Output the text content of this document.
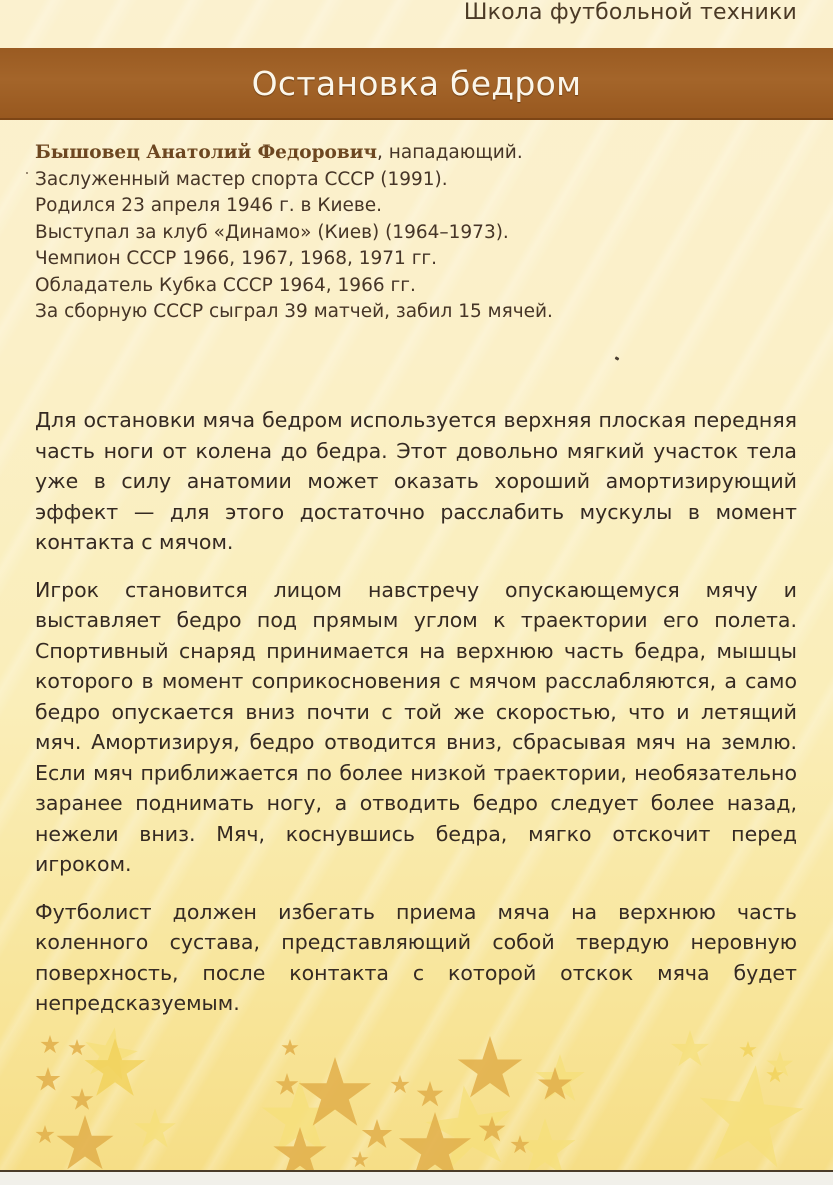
Школа футбольной техники
Остановка бедром
Бышовец Анатолий Федорович, нападающий.
Заслуженный мастер спорта СССР (1991).
Родился 23 апреля 1946 г. в Киеве.
Выступал за клуб «Динамо» (Киев) (1964–1973).
Чемпион СССР 1966, 1967, 1968, 1971 гг.
Обладатель Кубка СССР 1964, 1966 гг.
За сборную СССР сыграл 39 матчей, забил 15 мячей.

Для остановки мяча бедром используется верхняя плоская передняя часть ноги от колена до бедра. Этот довольно мягкий участок тела уже в силу анатомии может оказать хороший амортизирующий эффект — для этого достаточно расслабить мускулы в момент контакта с мячом.

Игрок становится лицом навстречу опускающемуся мячу и выставляет бедро под прямым углом к траектории его полета. Спортивный снаряд принимается на верхнюю часть бедра, мышцы которого в момент соприкосновения с мячом расслабляются, а само бедро опускается вниз почти с той же скоростью, что и летящий мяч. Амортизируя, бедро отводится вниз, сбрасывая мяч на землю. Если мяч приближается по более низкой траектории, необязательно заранее поднимать ногу, а отводить бедро следует более назад, нежели вниз. Мяч, коснувшись бедра, мягко отскочит перед игроком.

Футболист должен избегать приема мяча на верхнюю часть коленного сустава, представляющий собой твердую неровную поверхность, после контакта с которой отскок мяча будет непредсказуемым.
